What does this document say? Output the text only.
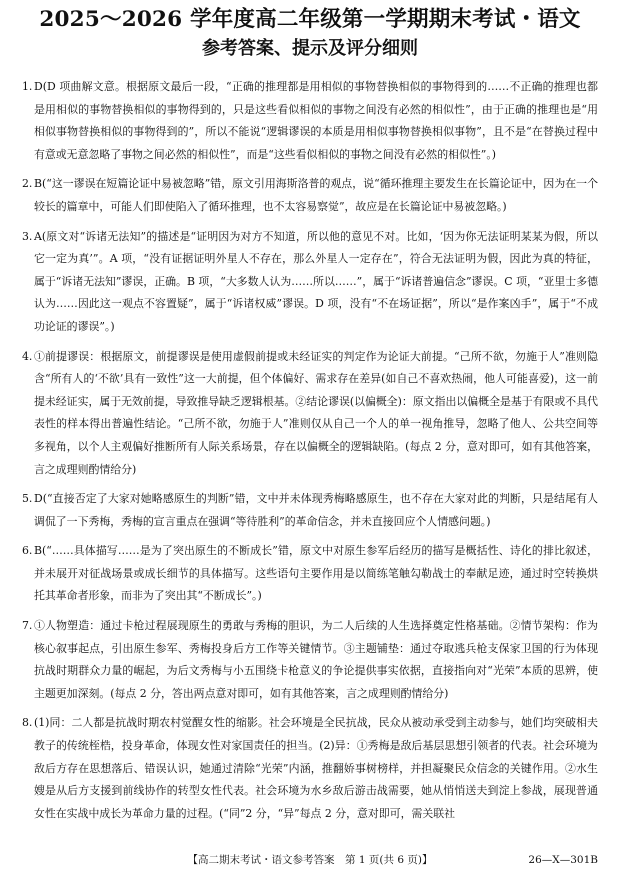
2025～2026 学年度高二年级第一学期期末考试・语文
参考答案、提示及评分细则
1. D(D 项曲解文意。根据原文最后一段，“正确的推理都是用相似的事物替换相似的事物得到的……不正确的推理也都是用相似的事物替换相似的事物得到的，只是这些看似相似的事物之间没有必然的相似性”，由于正确的推理也是“用相似事物替换相似的事物得到的”，所以不能说“逻辑谬误的本质是用相似事物替换相似事物”，且不是“在替换过程中有意或无意忽略了事物之间必然的相似性”，而是“这些看似相似的事物之间没有必然的相似性”。)
2. B(“这一谬误在短篇论证中易被忽略”错，原文引用海斯洛普的观点，说“循环推理主要发生在长篇论证中，因为在一个较长的篇章中，可能人们即使陷入了循环推理，也不太容易察觉”，故应是在长篇论证中易被忽略。)
3. A(原文对“诉诸无法知”的描述是“证明因为对方不知道，所以他的意见不对。比如，‘因为你无法证明某某为假，所以它一定为真’”。A 项，“没有证据证明外星人不存在，那么外星人一定存在”，符合无法证明为假，因此为真的特征，属于“诉诸无法知”谬误，正确。B 项，“大多数人认为……所以……”，属于“诉诸普遍信念”谬误。C 项，“亚里士多德认为……因此这一观点不容置疑”，属于“诉诸权威”谬误。D 项，没有“不在场证据”，所以“是作案凶手”，属于“不成功论证的谬误”。)
4. ①前提谬误：根据原文，前提谬误是使用虚假前提或未经证实的判定作为论证大前提。“己所不欲，勿施于人”准则隐含“所有人的‘不欲’具有一致性”这一大前提，但个体偏好、需求存在差异(如自己不喜欢热闹，他人可能喜爱)，这一前提未经证实，属于无效前提，导致推导缺乏逻辑根基。②结论谬误(以偏概全)：原文指出以偏概全是基于有限或不具代表性的样本得出普遍性结论。“己所不欲，勿施于人”准则仅从自己一个人的单一视角推导，忽略了他人、公共空间等多视角，以个人主观偏好推断所有人际关系场景，存在以偏概全的逻辑缺陷。(每点 2 分，意对即可，如有其他答案，言之成理则酌情给分)
5. D(“直接否定了大家对她略感原生的判断”错，文中并未体现秀梅略感原生，也不存在大家对此的判断，只是结尾有人调侃了一下秀梅，秀梅的宣言重点在强调“等待胜利”的革命信念，并未直接回应个人情感问题。)
6. B(“……具体描写……是为了突出原生的不断成长”错，原文中对原生参军后经历的描写是概括性、诗化的排比叙述，并未展开对征战场景或成长细节的具体描写。这些语句主要作用是以简练笔触勾勒战士的奉献足迹，通过时空转换烘托其革命者形象，而非为了突出其“不断成长”。)
7. ①人物塑造：通过卡枪过程展现原生的勇敢与秀梅的胆识，为二人后续的人生选择奠定性格基础。②情节架构：作为核心叙事起点，引出原生参军、秀梅投身后方工作等关键情节。③主题铺垫：通过夺取逃兵枪支保家卫国的行为体现抗战时期群众力量的崛起，为后文秀梅与小五围绕卡枪意义的争论提供事实依据，直接指向对“光荣”本质的思辨，使主题更加深刻。(每点 2 分，答出两点意对即可，如有其他答案，言之成理则酌情给分)
8. (1)同：二人都是抗战时期农村觉醒女性的缩影。社会环境是全民抗战，民众从被动承受到主动参与，她们均突破相夫教子的传统桎梏，投身革命，体现女性对家国责任的担当。(2)异：①秀梅是敌后基层思想引领者的代表。社会环境为敌后方存在思想落后、错误认识，她通过清除“光荣”内涵，推翻娇事树榜样，并担凝聚民众信念的关键作用。②水生嫂是从后方支援到前线协作的转型女性代表。社会环境为水乡敌后游击战需要，她从悄悄送夫到淀上参战，展现普通女性在实战中成长为革命力量的过程。(“同”2 分，“异”每点 2 分，意对即可，需关联社
【高二期末考试・语文参考答案　第 1 页(共 6 页)】	26—X—301B
